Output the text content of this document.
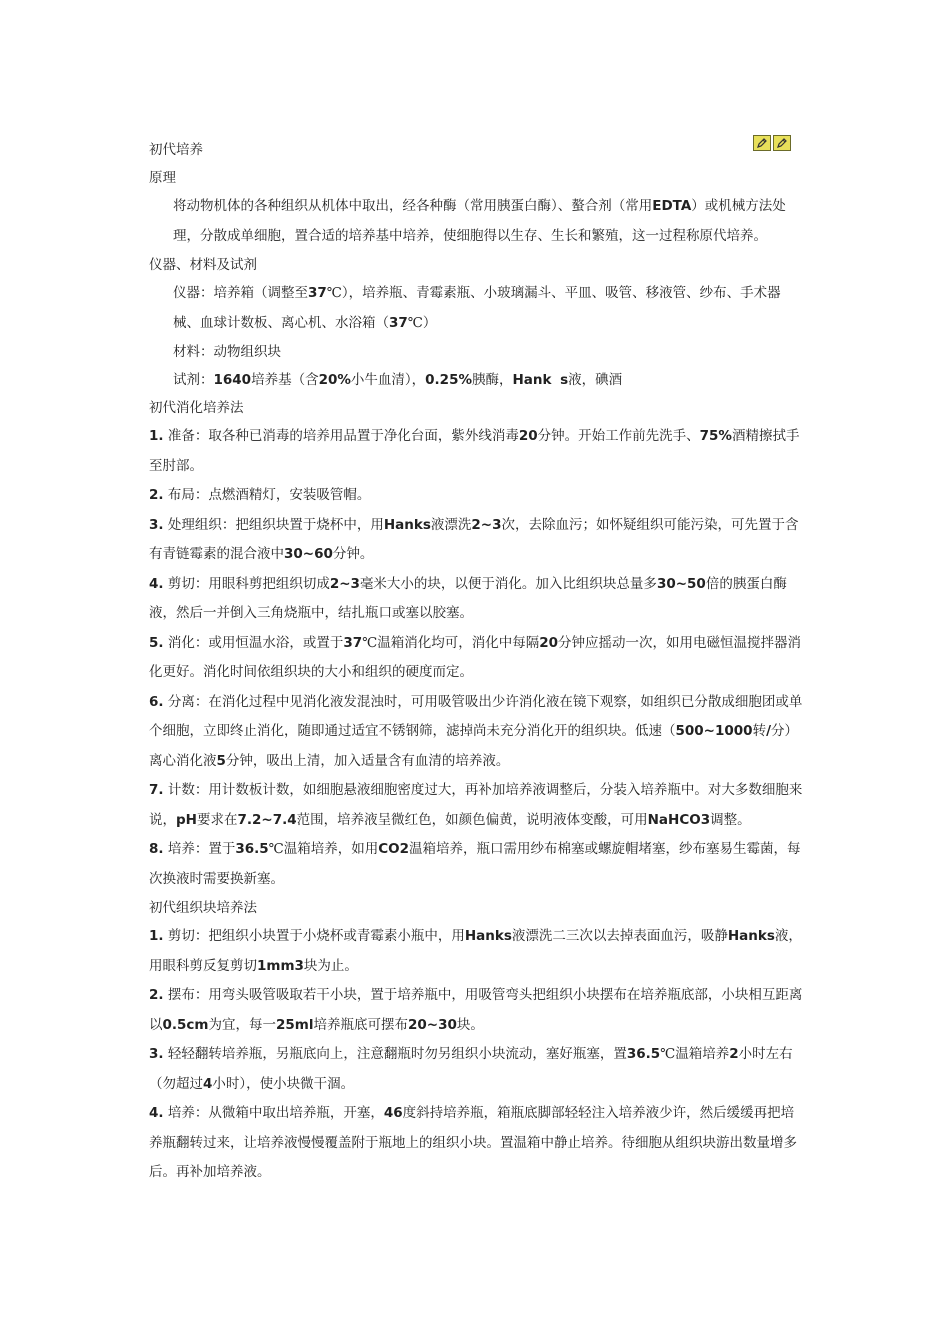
初代培养
原理
将动物机体的各种组织从机体中取出，经各种酶（常用胰蛋白酶）、螯合剂（常用EDTA）或机械方法处理，分散成单细胞，置合适的培养基中培养，使细胞得以生存、生长和繁殖，这一过程称原代培养。
仪器、材料及试剂
仪器：培养箱（调整至37℃），培养瓶、青霉素瓶、小玻璃漏斗、平皿、吸管、移液管、纱布、手术器械、血球计数板、离心机、水浴箱（37℃）
材料：动物组织块
试剂：1640培养基（含20%小牛血清），0.25%胰酶，Hank s液，碘酒
初代消化培养法
1. 准备：取各种已消毒的培养用品置于净化台面，紫外线消毒20分钟。开始工作前先洗手、75%酒精擦拭手至肘部。
2. 布局：点燃酒精灯，安装吸管帽。
3. 处理组织：把组织块置于烧杯中，用Hanks液漂洗2~3次，去除血污；如怀疑组织可能污染，可先置于含有青链霉素的混合液中30~60分钟。
4. 剪切：用眼科剪把组织切成2~3毫米大小的块，以便于消化。加入比组织块总量多30~50倍的胰蛋白酶液，然后一并倒入三角烧瓶中，结扎瓶口或塞以胶塞。
5. 消化：或用恒温水浴，或置于37℃温箱消化均可，消化中每隔20分钟应摇动一次，如用电磁恒温搅拌器消化更好。消化时间依组织块的大小和组织的硬度而定。
6. 分离：在消化过程中见消化液发混浊时，可用吸管吸出少许消化液在镜下观察，如组织已分散成细胞团或单个细胞，立即终止消化，随即通过适宜不锈钢筛，滤掉尚未充分消化开的组织块。低速（500~1000转/分）离心消化液5分钟，吸出上清，加入适量含有血清的培养液。
7. 计数：用计数板计数，如细胞悬液细胞密度过大，再补加培养液调整后，分装入培养瓶中。对大多数细胞来说，pH要求在7.2~7.4范围，培养液呈微红色，如颜色偏黄，说明液体变酸，可用NaHCO3调整。
8. 培养：置于36.5℃温箱培养，如用CO2温箱培养，瓶口需用纱布棉塞或螺旋帽堵塞，纱布塞易生霉菌，每次换液时需要换新塞。
初代组织块培养法
1. 剪切：把组织小块置于小烧杯或青霉素小瓶中，用Hanks液漂洗二三次以去掉表面血污，吸静Hanks液，用眼科剪反复剪切1mm3块为止。
2. 摆布：用弯头吸管吸取若干小块，置于培养瓶中，用吸管弯头把组织小块摆布在培养瓶底部，小块相互距离以0.5cm为宜，每一25ml培养瓶底可摆布20~30块。
3. 轻轻翻转培养瓶，另瓶底向上，注意翻瓶时勿另组织小块流动，塞好瓶塞，置36.5℃温箱培养2小时左右（勿超过4小时），使小块微干涸。
4. 培养：从微箱中取出培养瓶，开塞，46度斜持培养瓶，箱瓶底脚部轻轻注入培养液少许，然后缓缓再把培养瓶翻转过来，让培养液慢慢覆盖附于瓶地上的组织小块。置温箱中静止培养。待细胞从组织块游出数量增多后。再补加培养液。
